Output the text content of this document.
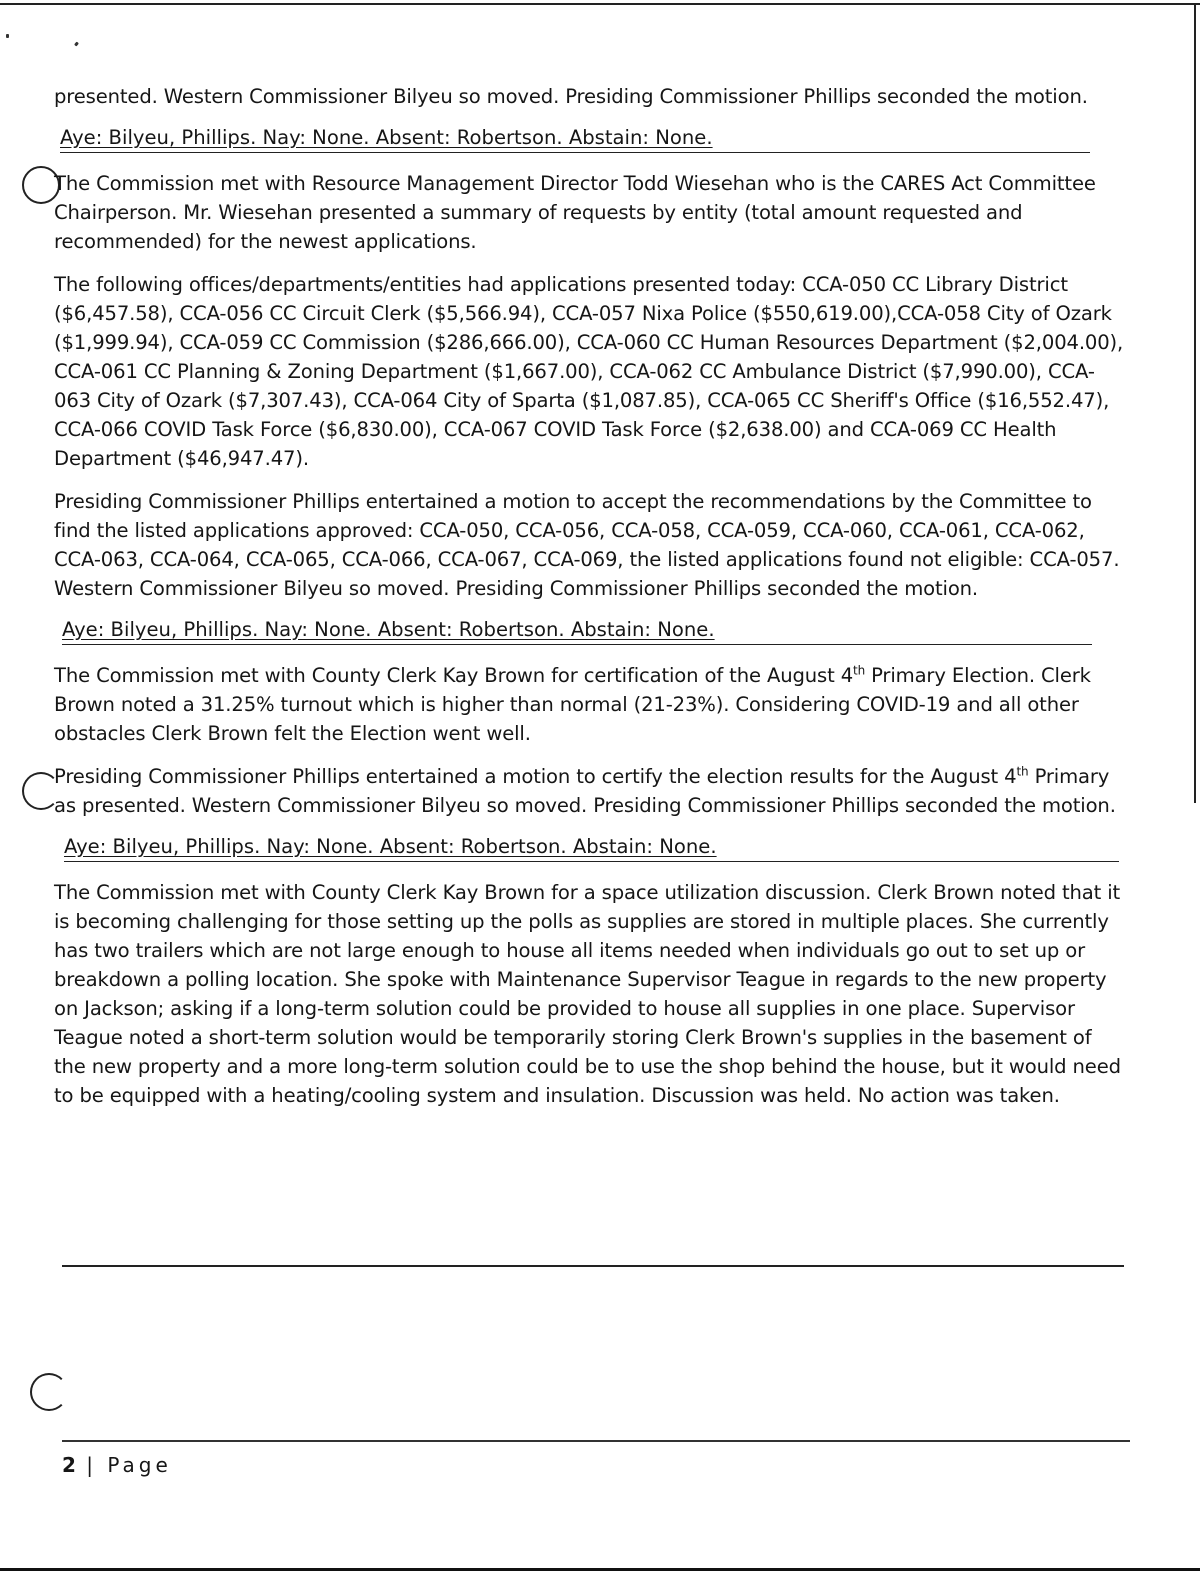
presented. Western Commissioner Bilyeu so moved. Presiding Commissioner Phillips seconded the motion.

Aye: Bilyeu, Phillips. Nay: None. Absent: Robertson. Abstain: None.

The Commission met with Resource Management Director Todd Wiesehan who is the CARES Act Committee Chairperson. Mr. Wiesehan presented a summary of requests by entity (total amount requested and recommended) for the newest applications.

The following offices/departments/entities had applications presented today: CCA-050 CC Library District ($6,457.58), CCA-056 CC Circuit Clerk ($5,566.94), CCA-057 Nixa Police ($550,619.00),CCA-058 City of Ozark ($1,999.94), CCA-059 CC Commission ($286,666.00), CCA-060 CC Human Resources Department ($2,004.00), CCA-061 CC Planning & Zoning Department ($1,667.00), CCA-062 CC Ambulance District ($7,990.00), CCA-063 City of Ozark ($7,307.43), CCA-064 City of Sparta ($1,087.85), CCA-065 CC Sheriff's Office ($16,552.47), CCA-066 COVID Task Force ($6,830.00), CCA-067 COVID Task Force ($2,638.00) and CCA-069 CC Health Department ($46,947.47).

Presiding Commissioner Phillips entertained a motion to accept the recommendations by the Committee to find the listed applications approved: CCA-050, CCA-056, CCA-058, CCA-059, CCA-060, CCA-061, CCA-062, CCA-063, CCA-064, CCA-065, CCA-066, CCA-067, CCA-069, the listed applications found not eligible: CCA-057. Western Commissioner Bilyeu so moved. Presiding Commissioner Phillips seconded the motion.

Aye: Bilyeu, Phillips. Nay: None. Absent: Robertson. Abstain: None.

The Commission met with County Clerk Kay Brown for certification of the August 4th Primary Election. Clerk Brown noted a 31.25% turnout which is higher than normal (21-23%). Considering COVID-19 and all other obstacles Clerk Brown felt the Election went well.

Presiding Commissioner Phillips entertained a motion to certify the election results for the August 4th Primary as presented. Western Commissioner Bilyeu so moved. Presiding Commissioner Phillips seconded the motion.

Aye: Bilyeu, Phillips. Nay: None. Absent: Robertson. Abstain: None.

The Commission met with County Clerk Kay Brown for a space utilization discussion. Clerk Brown noted that it is becoming challenging for those setting up the polls as supplies are stored in multiple places. She currently has two trailers which are not large enough to house all items needed when individuals go out to set up or breakdown a polling location. She spoke with Maintenance Supervisor Teague in regards to the new property on Jackson; asking if a long-term solution could be provided to house all supplies in one place. Supervisor Teague noted a short-term solution would be temporarily storing Clerk Brown's supplies in the basement of the new property and a more long-term solution could be to use the shop behind the house, but it would need to be equipped with a heating/cooling system and insulation. Discussion was held. No action was taken.

2 | Page
